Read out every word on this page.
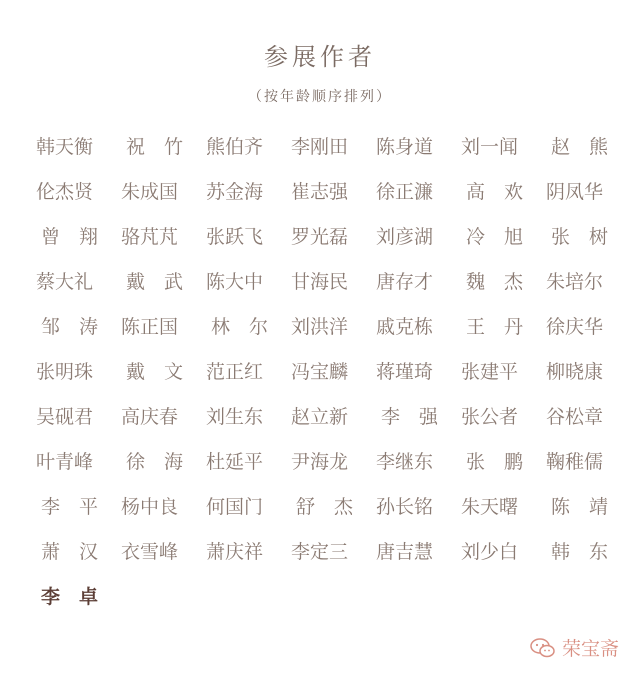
参展作者
（按年龄顺序排列）
韩天衡	祝竹 熊伯齐	李刚田	陈身道	刘一闻	赵熊
伦杰贤	朱成国	苏金海	崔志强	徐正濂	高欢 阴凤华
曾翔 骆芃芃	张跃飞	罗光磊	刘彦湖	冷旭 张树
蔡大礼	戴武 陈大中	甘海民	唐存才	魏杰 朱培尔
邹涛 陈正国	林尔 刘洪洋	戚克栋	王丹 徐庆华
张明珠	戴文 范正红	冯宝麟	蒋瑾琦	张建平	柳晓康
吴砚君	高庆春	刘生东	赵立新	李强 张公者	谷松章
叶青峰	徐海 杜延平	尹海龙	李继东	张鹏 鞠稚儒
李平 杨中良	何国门	舒杰 孙长铭	朱天曙	陈靖
萧汉 衣雪峰	萧庆祥	李定三	唐吉慧	刘少白	韩东
李卓
荣宝斋
